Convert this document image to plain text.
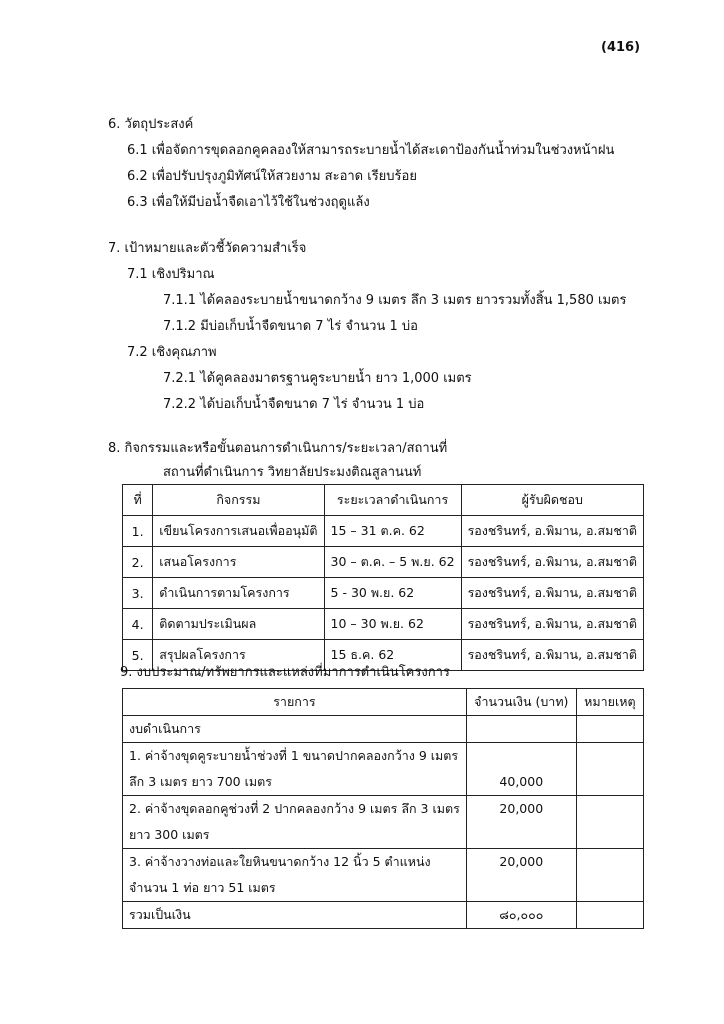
(416)
6. วัตถุประสงค์
6.1 เพื่อจัดการขุดลอกคูคลองให้สามารถระบายน้ำได้สะเดาป้องกันน้ำท่วมในช่วงหน้าฝน
6.2 เพื่อปรับปรุงภูมิทัศน์ให้สวยงาม สะอาด เรียบร้อย
6.3 เพื่อให้มีบ่อน้ำจืดเอาไว้ใช้ในช่วงฤดูแล้ง
7. เป้าหมายและตัวชี้วัดความสำเร็จ
7.1 เชิงปริมาณ
7.1.1 ได้คลองระบายน้ำขนาดกว้าง 9 เมตร ลึก 3 เมตร ยาวรวมทั้งสิ้น 1,580 เมตร
7.1.2 มีบ่อเก็บน้ำจืดขนาด 7 ไร่ จำนวน 1 บ่อ
7.2 เชิงคุณภาพ
7.2.1 ได้คูคลองมาตรฐานคูระบายน้ำ ยาว 1,000 เมตร
7.2.2 ได้บ่อเก็บน้ำจืดขนาด 7 ไร่ จำนวน 1 บ่อ
8. กิจกรรมและหรือขั้นตอนการดำเนินการ/ระยะเวลา/สถานที่
สถานที่ดำเนินการ วิทยาลัยประมงติณสูลานนท์
ที่	กิจกรรม	ระยะเวลาดำเนินการ	ผู้รับผิดชอบ
1.	เขียนโครงการเสนอเพื่ออนุมัติ	15 – 31 ต.ค. 62	รองชรินทร์, อ.พิมาน, อ.สมชาติ
2.	เสนอโครงการ	30 – ต.ค. – 5 พ.ย. 62	รองชรินทร์, อ.พิมาน, อ.สมชาติ
3.	ดำเนินการตามโครงการ	5 - 30 พ.ย. 62	รองชรินทร์, อ.พิมาน, อ.สมชาติ
4.	ติดตามประเมินผล	10 – 30 พ.ย. 62	รองชรินทร์, อ.พิมาน, อ.สมชาติ
5.	สรุปผลโครงการ	15 ธ.ค. 62	รองชรินทร์, อ.พิมาน, อ.สมชาติ
9. งบประมาณ/ทรัพยากรและแหล่งที่มาการดำเนินโครงการ
รายการ	จำนวนเงิน (บาท)	หมายเหตุ
งบดำเนินการ		

1. ค่าจ้างขุดคูระบายน้ำช่วงที่ 1 ขนาดปากคลองกว้าง 9 เมตร
ลึก 3 เมตร ยาว 700 เมตร	40,000	

2. ค่าจ้างขุดลอกคูช่วงที่ 2 ปากคลองกว้าง 9 เมตร ลึก 3 เมตร
ยาว 300 เมตร	20,000	

3. ค่าจ้างวางท่อและใยหินขนาดกว้าง 12 นิ้ว 5 ตำแหน่ง
จำนวน 1 ท่อ ยาว 51 เมตร	20,000	
รวมเป็นเงิน	๘๐,๐๐๐	
